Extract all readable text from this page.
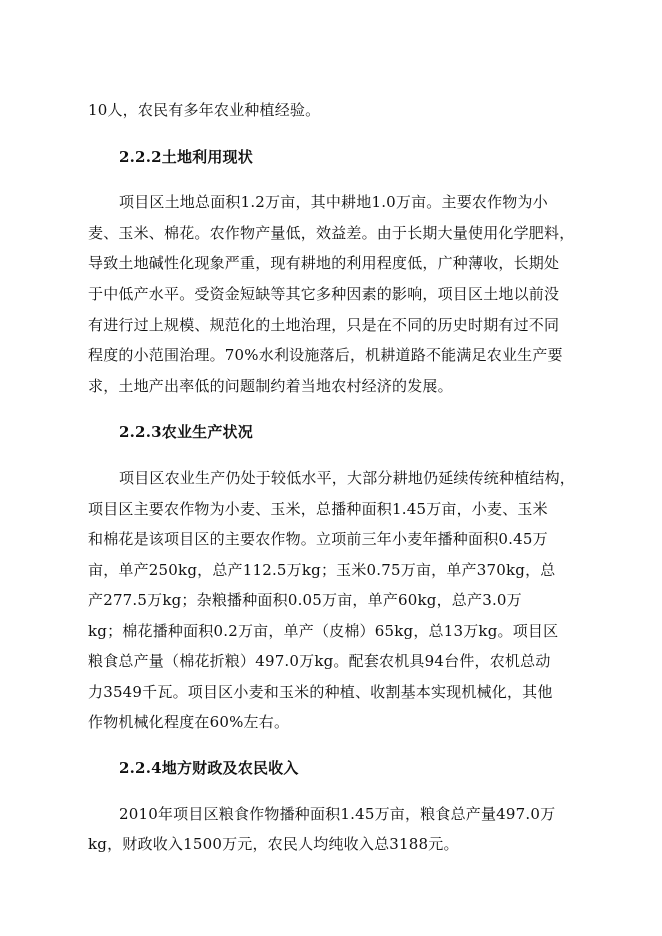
10人，农民有多年农业种植经验。
2.2.2土地利用现状
项目区土地总面积1.2万亩，其中耕地1.0万亩。主要农作物为小
麦、玉米、棉花。农作物产量低，效益差。由于长期大量使用化学肥料，
导致土地碱性化现象严重，现有耕地的利用程度低，广种薄收，长期处
于中低产水平。受资金短缺等其它多种因素的影响，项目区土地以前没
有进行过上规模、规范化的土地治理，只是在不同的历史时期有过不同
程度的小范围治理。70%水利设施落后，机耕道路不能满足农业生产要
求，土地产出率低的问题制约着当地农村经济的发展。
2.2.3农业生产状况
项目区农业生产仍处于较低水平，大部分耕地仍延续传统种植结构，
项目区主要农作物为小麦、玉米，总播种面积1.45万亩，小麦、玉米
和棉花是该项目区的主要农作物。立项前三年小麦年播种面积0.45万
亩，单产250kg，总产112.5万kg；玉米0.75万亩，单产370kg，总
产277.5万kg；杂粮播种面积0.05万亩，单产60kg，总产3.0万
kg；棉花播种面积0.2万亩，单产（皮棉）65kg，总13万kg。项目区
粮食总产量（棉花折粮）497.0万kg。配套农机具94台件，农机总动
力3549千瓦。项目区小麦和玉米的种植、收割基本实现机械化，其他
作物机械化程度在60%左右。
2.2.4地方财政及农民收入
2010年项目区粮食作物播种面积1.45万亩，粮食总产量497.0万
kg，财政收入1500万元，农民人均纯收入总3188元。
